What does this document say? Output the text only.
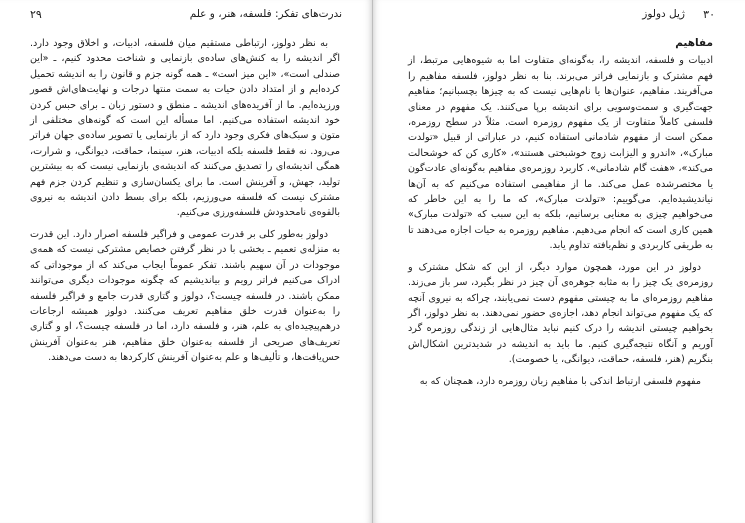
ندرت‌های تفکر: فلسفه، هنر، و علم
۲۹

به نظر دولوز، ارتباطی مستقیم میان فلسفه، ادبیات، و اخلاق وجود دارد. اگر اندیشه را به کنش‌های ساده‌ی بازنمایی و شناخت محدود کنیم، ـ «این صندلی است»، «این میز است» ـ همه گونه جزم و قانون را به اندیشه تحمیل کرده‌ایم و از امتداد دادن حیات به سمت منتها درجات و نهایت‌های‌اش قصور ورزیده‌ایم. ما از آفریده‌های اندیشه ـ منطق و دستور زبان ـ برای حبس کردن خود اندیشه استفاده می‌کنیم. اما مسأله این است که گونه‌های مختلفی از متون و سبک‌های فکری وجود دارد که از بازنمایی یا تصویر ساده‌ی جهان فراتر می‌رود. نه فقط فلسفه بلکه ادبیات، هنر، سینما، حماقت، دیوانگی، و شرارت، همگی اندیشه‌ای را تصدیق می‌کنند که اندیشه‌ی بازنمایی نیست که به بیشترین تولید، جهش، و آفرینش است. ما برای یکسان‌سازی و تنظیم کردن جزم فهم مشترک نیست که فلسفه می‌ورزیم، بلکه برای بسط دادن اندیشه به نیروی بالقوه‌ی نامحدودش فلسفه‌ورزی می‌کنیم.

دولوز به‌طور کلی بر قدرت عمومی و فراگیر فلسفه اصرار دارد. این قدرت به منزله‌ی تعمیم ـ بخشی با در نظر گرفتن خصایص مشترکی نیست که همه‌ی موجودات در آن سهیم باشند. تفکر عموماً ایجاب می‌کند که از موجوداتی که ادراک می‌کنیم فراتر رویم و بیاندیشیم که چگونه موجودات دیگری می‌توانند ممکن باشند. در فلسفه چیست؟، دولوز و گتاری قدرت جامع و فراگیر فلسفه را به‌عنوان قدرت خلق مفاهیم تعریف می‌کنند. دولوز همیشه ارجاعات درهم‌پیچیده‌ای به علم، هنر، و فلسفه دارد، اما در فلسفه چیست؟، او و گتاری تعریف‌های صریحی از فلسفه به‌عنوان خلق مفاهیم، هنر به‌عنوان آفرینش حس‌یافت‌ها، و تألیف‌ها و علم به‌عنوان آفرینش کارکردها به دست می‌دهند.

۳۰
ژیل دولوز
مفاهیم

ادبیات و فلسفه، اندیشه را، به‌گونه‌ای متفاوت اما به شیوه‌هایی مرتبط، از فهم مشترک و بازنمایی فراتر می‌برند. بنا به نظر دولوز، فلسفه مفاهیم را می‌آفریند. مفاهیم، عنوان‌ها یا نام‌هایی نیست که به چیزها بچسبانیم؛ مفاهیم جهت‌گیری و سمت‌وسویی برای اندیشه برپا می‌کنند. یک مفهوم در معنای فلسفی کاملاً متفاوت از یک مفهوم روزمره است. مثلاً در سطح روزمره، ممکن است از مفهوم شادمانی استفاده کنیم، در عباراتی از قبیل «تولدت مبارک»، «اندرو و الیزابت زوج خوشبختی هستند»، «کاری کن که خوشحالت می‌کند»، «هفت گام شادمانی». کاربرد روزمره‌ی مفاهیم به‌گونه‌ای عادت‌گون یا مختصرشده عمل می‌کند. ما از مفاهیمی استفاده می‌کنیم که به آن‌ها نیاندیشیده‌ایم. می‌گوییم: «تولدت مبارک»، که ما را به این خاطر که می‌خواهیم چیزی به معنایی برسانیم، بلکه به این سبب که «تولدت مبارک» همین کاری است که انجام می‌دهیم. مفاهیم روزمره به حیات اجازه می‌دهند تا به طریقی کاربردی و نظم‌یافته تداوم یابد.

دولوز در این مورد، همچون موارد دیگر، از این که شکل مشترک و روزمره‌ی یک چیز را به مثابه جوهره‌ی آن چیز در نظر بگیرد، سر باز می‌زند. مفاهیم روزمره‌ای ما به چیستی مفهوم دست نمی‌یابند، چراکه به نیروی آنچه که یک مفهوم می‌تواند انجام دهد، اجازه‌ی حضور نمی‌دهند. به نظر دولوز، اگر بخواهیم چیستی اندیشه را درک کنیم نباید مثال‌هایی از زندگی روزمره گرد آوریم و آنگاه نتیجه‌گیری کنیم. ما باید به اندیشه در شدیدترین اشکال‌اش بنگریم (هنر، فلسفه، حماقت، دیوانگی، یا خصومت).

مفهوم فلسفی ارتباط اندکی با مفاهیم زبان روزمره دارد، همچنان که به
